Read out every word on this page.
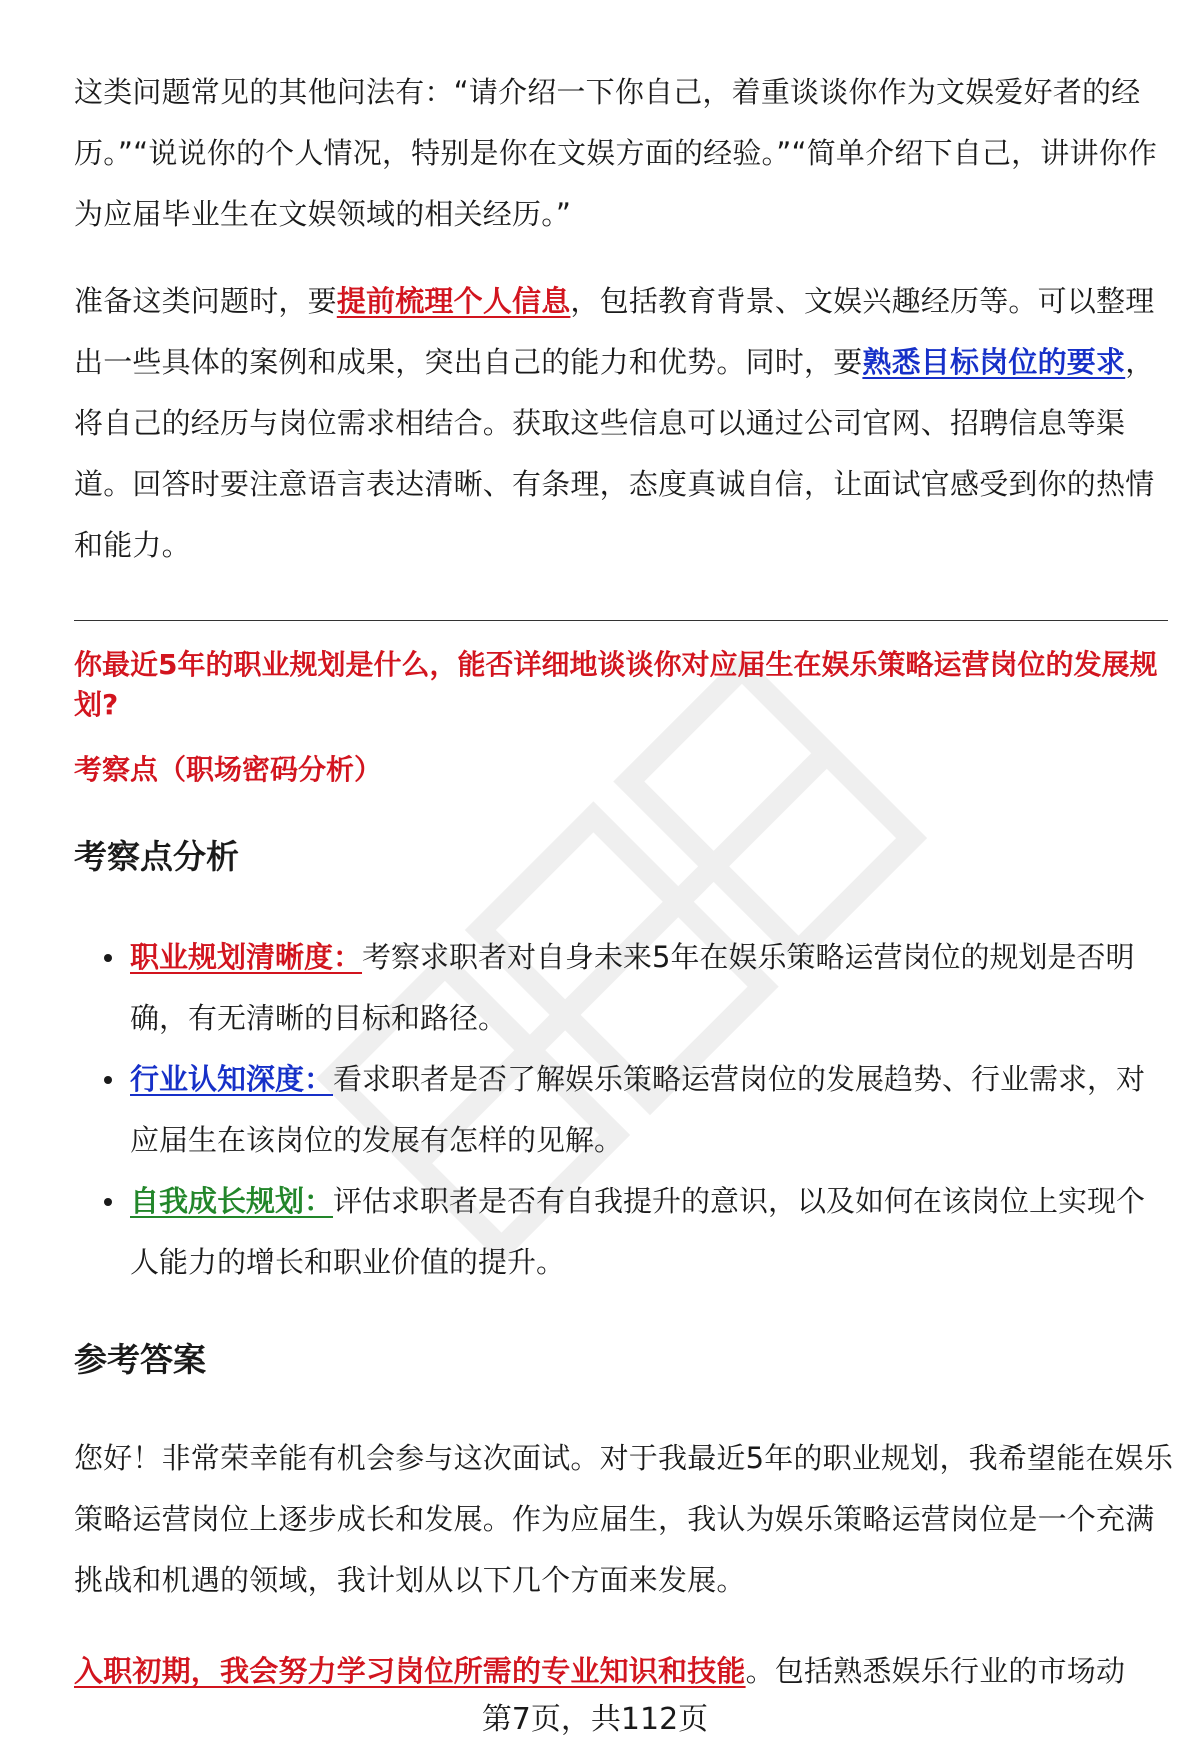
这类问题常见的其他问法有：“请介绍一下你自己，着重谈谈你作为文娱爱好者的经历。”“说说你的个人情况，特别是你在文娱方面的经验。”“简单介绍下自己，讲讲你作为应届毕业生在文娱领域的相关经历。”

准备这类问题时，要提前梳理个人信息，包括教育背景、文娱兴趣经历等。可以整理出一些具体的案例和成果，突出自己的能力和优势。同时，要熟悉目标岗位的要求，将自己的经历与岗位需求相结合。获取这些信息可以通过公司官网、招聘信息等渠道。回答时要注意语言表达清晰、有条理，态度真诚自信，让面试官感受到你的热情和能力。

你最近5年的职业规划是什么，能否详细地谈谈你对应届生在娱乐策略运营岗位的发展规划?

考察点（职场密码分析）

考察点分析
职业规划清晰度：考察求职者对自身未来5年在娱乐策略运营岗位的规划是否明确，有无清晰的目标和路径。
行业认知深度：看求职者是否了解娱乐策略运营岗位的发展趋势、行业需求，对应届生在该岗位的发展有怎样的见解。
自我成长规划：评估求职者是否有自我提升的意识，以及如何在该岗位上实现个人能力的增长和职业价值的提升。
参考答案

您好！非常荣幸能有机会参与这次面试。对于我最近5年的职业规划，我希望能在娱乐策略运营岗位上逐步成长和发展。作为应届生，我认为娱乐策略运营岗位是一个充满挑战和机遇的领域，我计划从以下几个方面来发展。

入职初期，我会努力学习岗位所需的专业知识和技能。包括熟悉娱乐行业的市场动

第7页，共112页
